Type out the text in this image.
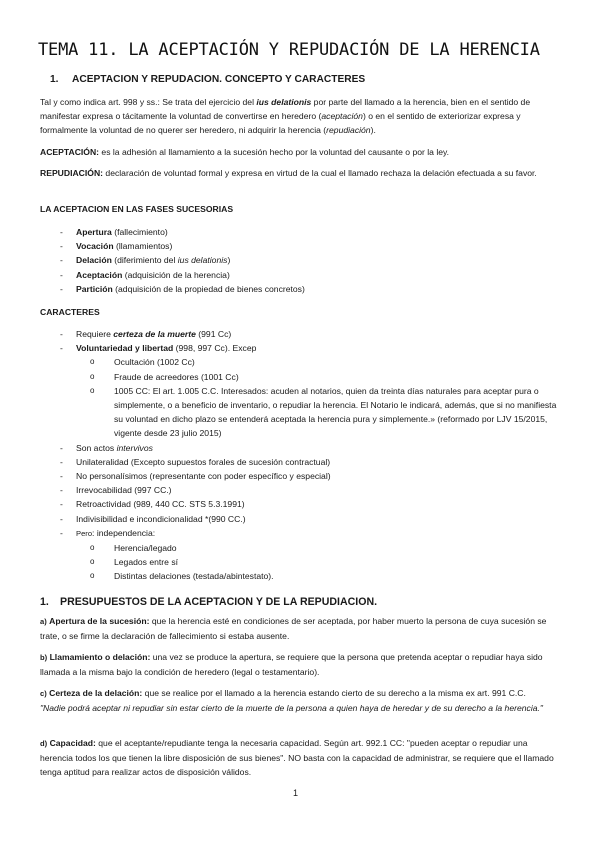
TEMA 11. LA ACEPTACIÓN Y REPUDACIÓN DE LA HERENCIA
1. ACEPTACION Y REPUDACION. CONCEPTO Y CARACTERES
Tal y como indica art. 998 y ss.: Se trata del ejercicio del ius delationis por parte del llamado a la herencia, bien en el sentido de manifestar expresa o tácitamente la voluntad de convertirse en heredero (aceptación) o en el sentido de exteriorizar expresa y formalmente la voluntad de no querer ser heredero, ni adquirir la herencia (repudiación).
ACEPTACIÓN: es la adhesión al llamamiento a la sucesión hecho por la voluntad del causante o por la ley.
REPUDIACIÓN: declaración de voluntad formal y expresa en virtud de la cual el llamado rechaza la delación efectuada a su favor.
LA ACEPTACION EN LAS FASES SUCESORIAS
- Apertura (fallecimiento)
- Vocación (llamamientos)
- Delación (diferimiento del ius delationis)
- Aceptación (adquisición de la herencia)
- Partición (adquisición de la propiedad de bienes concretos)
CARACTERES
- Requiere certeza de la muerte (991 Cc)
- Voluntariedad y libertad (998, 997 Cc). Excep
o Ocultación (1002 Cc)
o Fraude de acreedores (1001 Cc)
o 1005 CC: El art. 1.005 C.C. Interesados: acuden al notarios, quien da treinta días naturales para aceptar pura o simplemente, o a beneficio de inventario, o repudiar la herencia. El Notario le indicará, además, que si no manifiesta su voluntad en dicho plazo se entenderá aceptada la herencia pura y simplemente.» (reformado por LJV 15/2015, vigente desde 23 julio 2015)
- Son actos intervivos
- Unilateralidad (Excepto supuestos forales de sucesión contractual)
- No personalísimos (representante con poder específico y especial)
- Irrevocabilidad (997 CC.)
- Retroactividad (989, 440 CC. STS 5.3.1991)
- Indivisibilidad e incondicionalidad *(990 CC.)
- Pero: independencia:
o Herencia/legado
o Legados entre sí
o Distintas delaciones (testada/abintestato).
1. PRESUPUESTOS DE LA ACEPTACION Y DE LA REPUDIACION.
a) Apertura de la sucesión: que la herencia esté en condiciones de ser aceptada, por haber muerto la persona de cuya sucesión se trate, o se firme la declaración de fallecimiento si estaba ausente.
b) Llamamiento o delación: una vez se produce la apertura, se requiere que la persona que pretenda aceptar o repudiar haya sido llamada a la misma bajo la condición de heredero (legal o testamentario).
c) Certeza de la delación: que se realice por el llamado a la herencia estando cierto de su derecho a la misma ex art. 991 C.C.
"Nadie podrá aceptar ni repudiar sin estar cierto de la muerte de la persona a quien haya de heredar y de su derecho a la herencia."
d) Capacidad: que el aceptante/repudiante tenga la necesaria capacidad. Según art. 992.1 CC: "pueden aceptar o repudiar una herencia todos los que tienen la libre disposición de sus bienes". NO basta con la capacidad de administrar, se requiere que el llamado tenga aptitud para realizar actos de disposición válidos.
1
